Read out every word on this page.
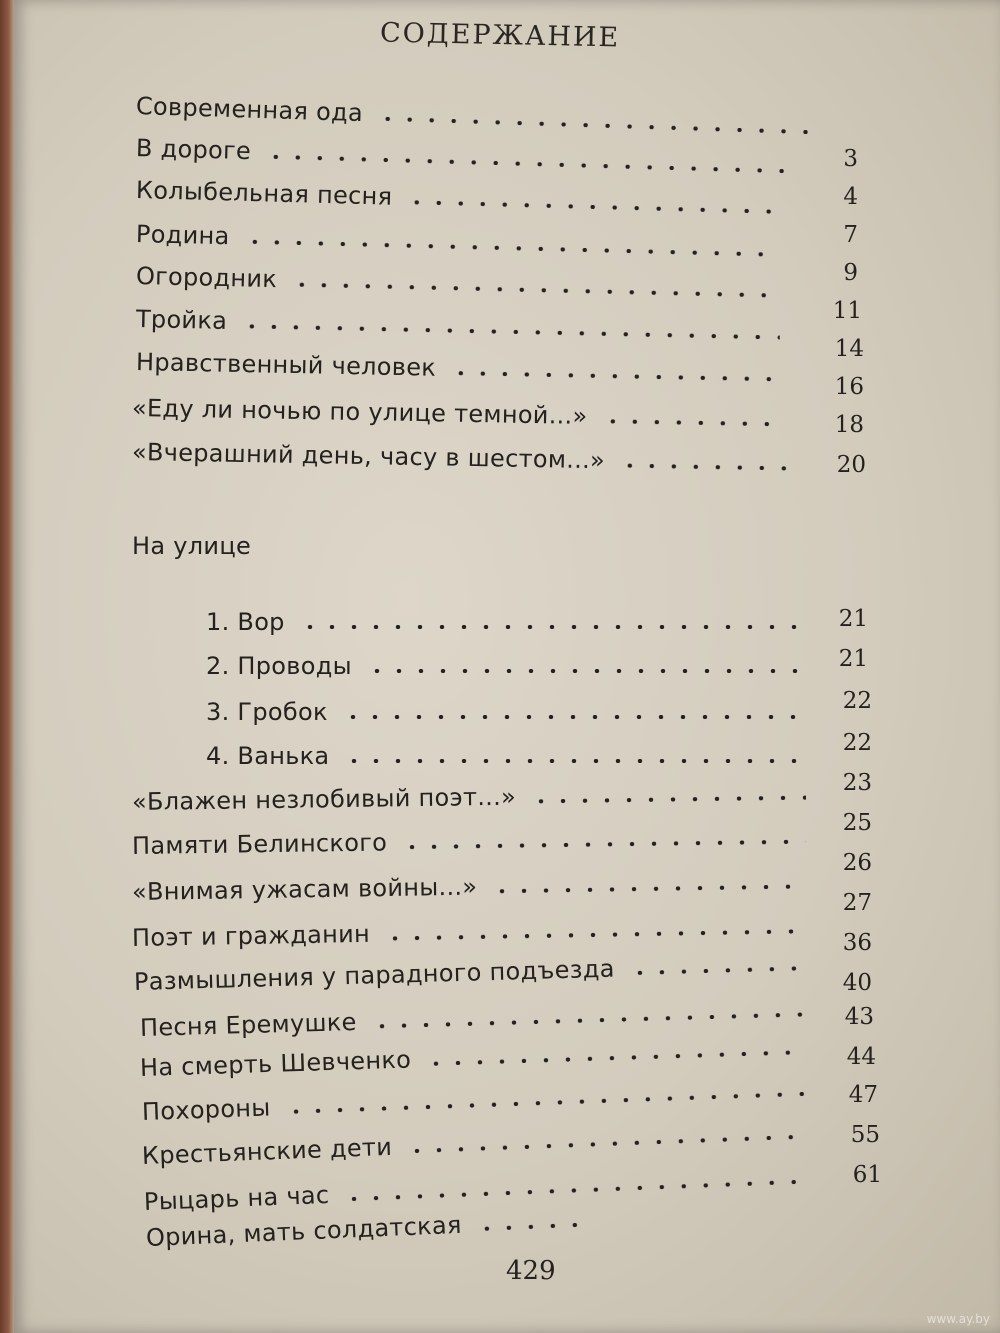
СОДЕРЖАНИЕ
Современная ода
В дороге
Колыбельная песня
Родина
Огородник
Тройка
Нравственный человек
«Еду ли ночью по улице темной...»
«Вчерашний день, часу в шестом...»
На улице
1. Вор
2. Проводы
3. Гробок
4. Ванька
«Блажен незлобивый поэт...»
Памяти Белинского
«Внимая ужасам войны...»
Поэт и гражданин
Размышления у парадного подъезда
Песня Еремушке
На смерть Шевченко
Похороны
Крестьянские дети
Рыцарь на час
Орина, мать солдатская
3
4
7
9
11
14
16
18
20
21
21
22
22
23
25
26
27
36
40
43
44
47
55
61
429
www.ay.by
